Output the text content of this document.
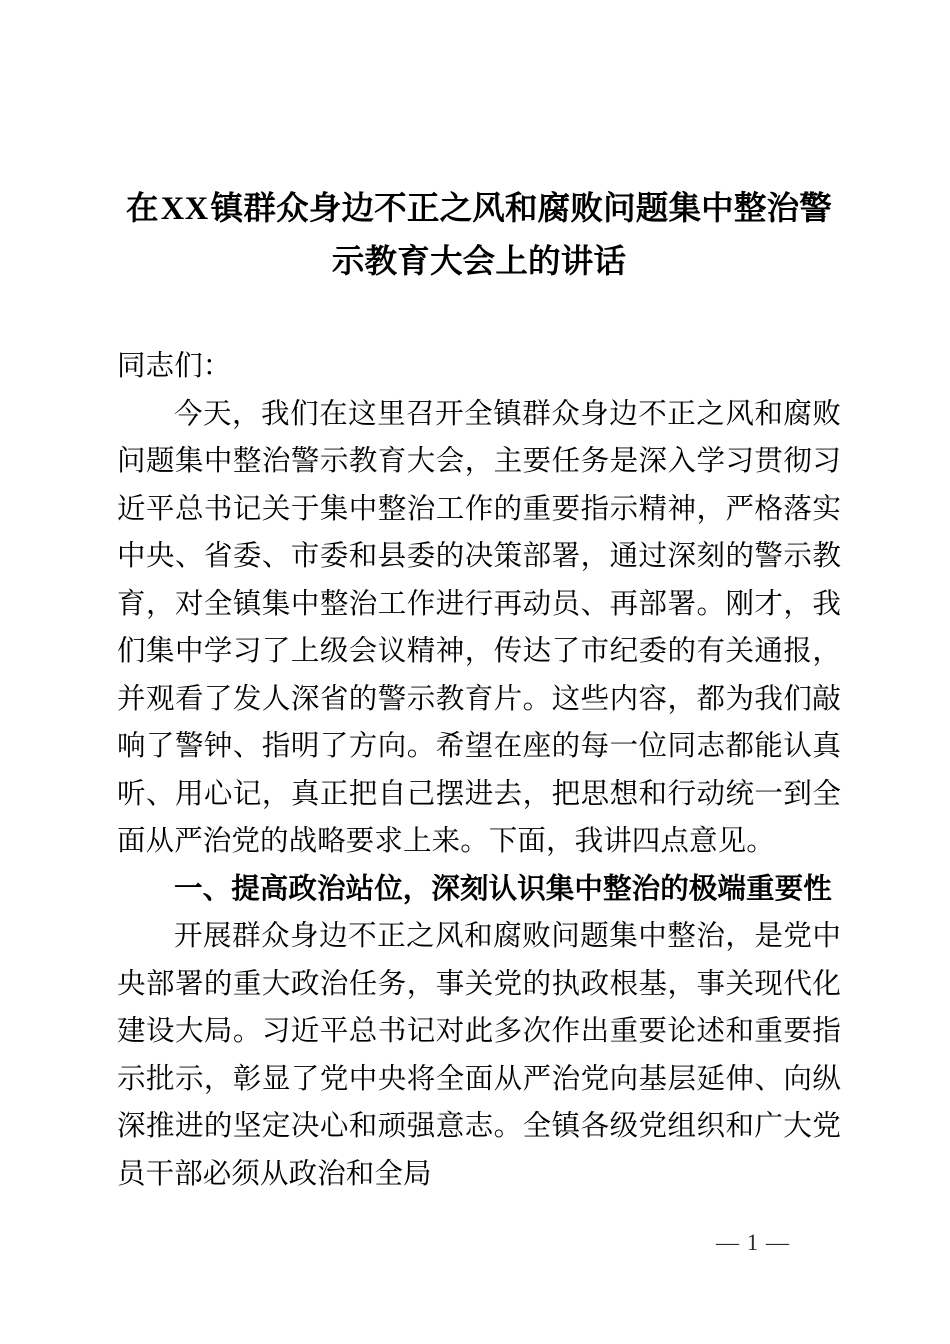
在XX镇群众身边不正之风和腐败问题集中整治警示教育大会上的讲话

同志们：

今天，我们在这里召开全镇群众身边不正之风和腐败问题集中整治警示教育大会，主要任务是深入学习贯彻习近平总书记关于集中整治工作的重要指示精神，严格落实中央、省委、市委和县委的决策部署，通过深刻的警示教育，对全镇集中整治工作进行再动员、再部署。刚才，我们集中学习了上级会议精神，传达了市纪委的有关通报，并观看了发人深省的警示教育片。这些内容，都为我们敲响了警钟、指明了方向。希望在座的每一位同志都能认真听、用心记，真正把自己摆进去，把思想和行动统一到全面从严治党的战略要求上来。下面，我讲四点意见。

一、提高政治站位，深刻认识集中整治的极端重要性

开展群众身边不正之风和腐败问题集中整治，是党中央部署的重大政治任务，事关党的执政根基，事关现代化建设大局。习近平总书记对此多次作出重要论述和重要指示批示，彰显了党中央将全面从严治党向基层延伸、向纵深推进的坚定决心和顽强意志。全镇各级党组织和广大党员干部必须从政治和全局

— 1 —
